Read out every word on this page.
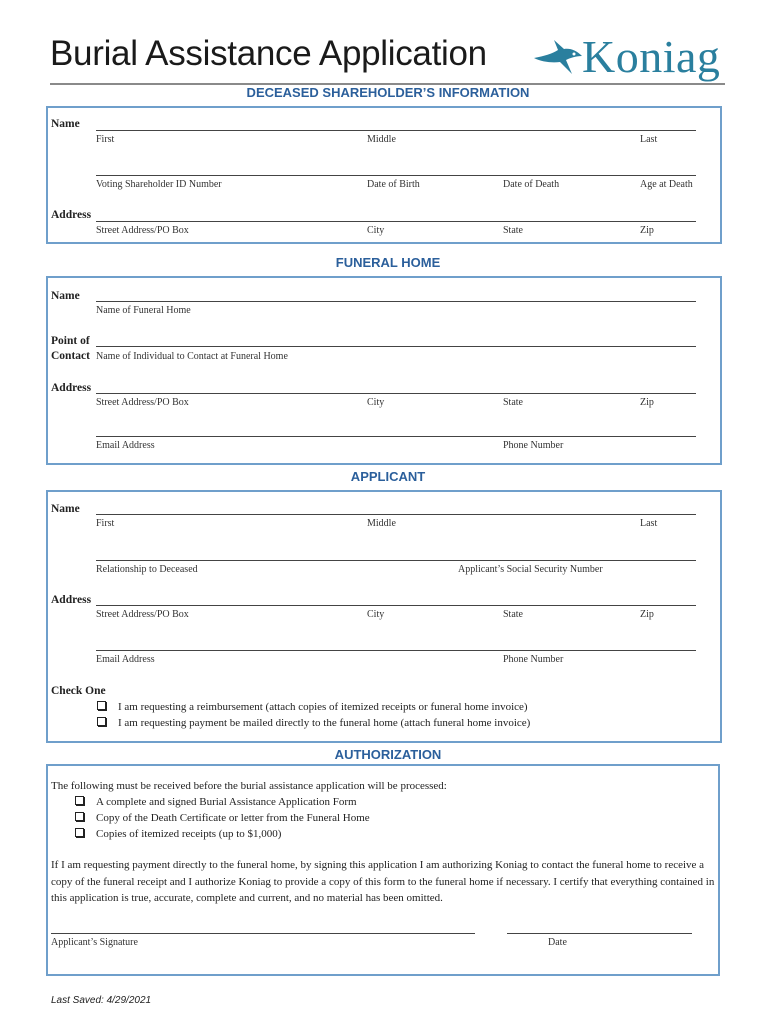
Burial Assistance Application Koniag
DECEASED SHAREHOLDER’S INFORMATION
Name
First	Middle	Last
Voting Shareholder ID Number	Date of Birth	Date of Death	Age at Death
Address
Street Address/PO Box	City	State	Zip
FUNERAL HOME
Name
Name of Funeral Home
Point of
Contact Name of Individual to Contact at Funeral Home
Address
Street Address/PO Box	City	State	Zip
Email Address	Phone Number
APPLICANT
Name
First	Middle	Last
Relationship to Deceased	Applicant’s Social Security Number
Address
Street Address/PO Box	City	State	Zip
Email Address	Phone Number
Check One
I am requesting a reimbursement (attach copies of itemized receipts or funeral home invoice)
I am requesting payment be mailed directly to the funeral home (attach funeral home invoice)
AUTHORIZATION
The following must be received before the burial assistance application will be processed:
A complete and signed Burial Assistance Application Form
Copy of the Death Certificate or letter from the Funeral Home
Copies of itemized receipts (up to $1,000)
If I am requesting payment directly to the funeral home, by signing this application I am authorizing Koniag to contact the funeral home to receive a copy of the funeral receipt and I authorize Koniag to provide a copy of this form to the funeral home if necessary. I certify that everything contained in this application is true, accurate, complete and current, and no material has been omitted.
Applicant’s Signature	Date
Last Saved: 4/29/2021
